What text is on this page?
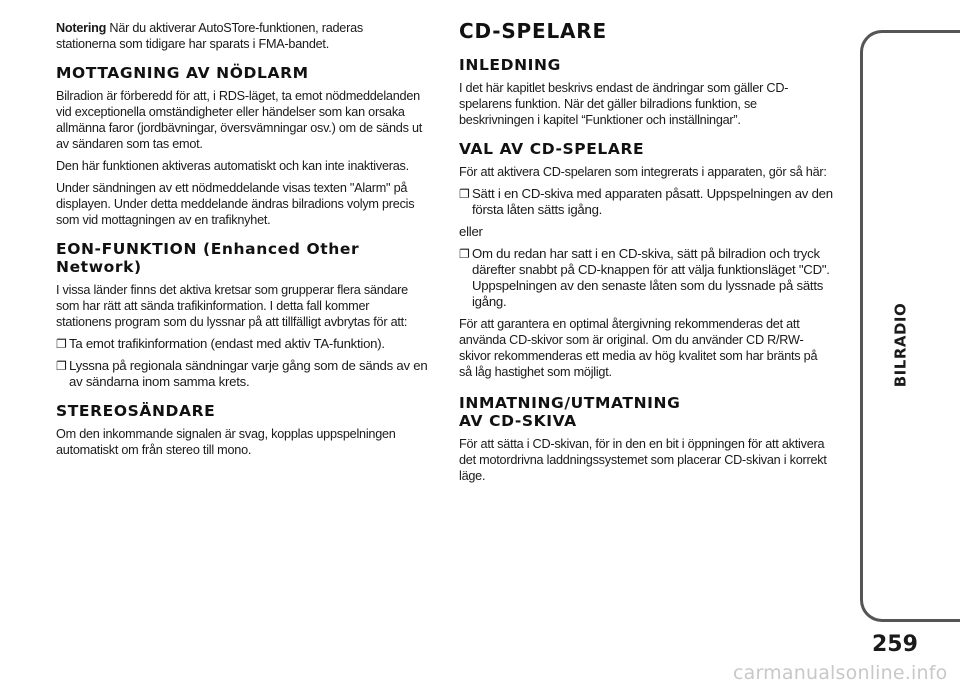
Notering När du aktiverar AutoSTore-funktionen, raderas stationerna som tidigare har sparats i FMA-bandet.

MOTTAGNING AV NÖDLARM

Bilradion är förberedd för att, i RDS-läget, ta emot nödmeddelanden vid exceptionella omständigheter eller händelser som kan orsaka allmänna faror (jordbävningar, översvämningar osv.) om de sänds ut av sändaren som tas emot.

Den här funktionen aktiveras automatiskt och kan inte inaktiveras.

Under sändningen av ett nödmeddelande visas texten "Alarm" på displayen. Under detta meddelande ändras bilradions volym precis som vid mottagningen av en trafiknyhet.

EON-FUNKTION (Enhanced Other Network)

I vissa länder finns det aktiva kretsar som grupperar flera sändare som har rätt att sända trafikinformation. I detta fall kommer stationens program som du lyssnar på att tillfälligt avbrytas för att:

❐ Ta emot trafikinformation (endast med aktiv TA-funktion).
❐ Lyssna på regionala sändningar varje gång som de sänds av en av sändarna inom samma krets.
STEREOSÄNDARE

Om den inkommande signalen är svag, kopplas uppspelningen automatiskt om från stereo till mono.

CD-SPELARE
INLEDNING

I det här kapitlet beskrivs endast de ändringar som gäller CD-spelarens funktion. När det gäller bilradions funktion, se beskrivningen i kapitel “Funktioner och inställningar”.

VAL AV CD-SPELARE

För att aktivera CD-spelaren som integrerats i apparaten, gör så här:

❐ Sätt i en CD-skiva med apparaten påsatt. Uppspelningen av den första låten sätts igång.

eller

❐ Om du redan har satt i en CD-skiva, sätt på bilradion och tryck därefter snabbt på CD-knappen för att välja funktionsläget "CD". Uppspelningen av den senaste låten som du lyssnade på sätts igång.

För att garantera en optimal återgivning rekommenderas det att använda CD-skivor som är original. Om du använder CD R/RW-skivor rekommenderas ett media av hög kvalitet som har bränts på så låg hastighet som möjligt.

INMATNING/UTMATNING
AV CD-SKIVA

För att sätta i CD-skivan, för in den en bit i öppningen för att aktivera det motordrivna laddningssystemet som placerar CD-skivan i korrekt läge.

BILRADIO
259
carmanualsonline.info
